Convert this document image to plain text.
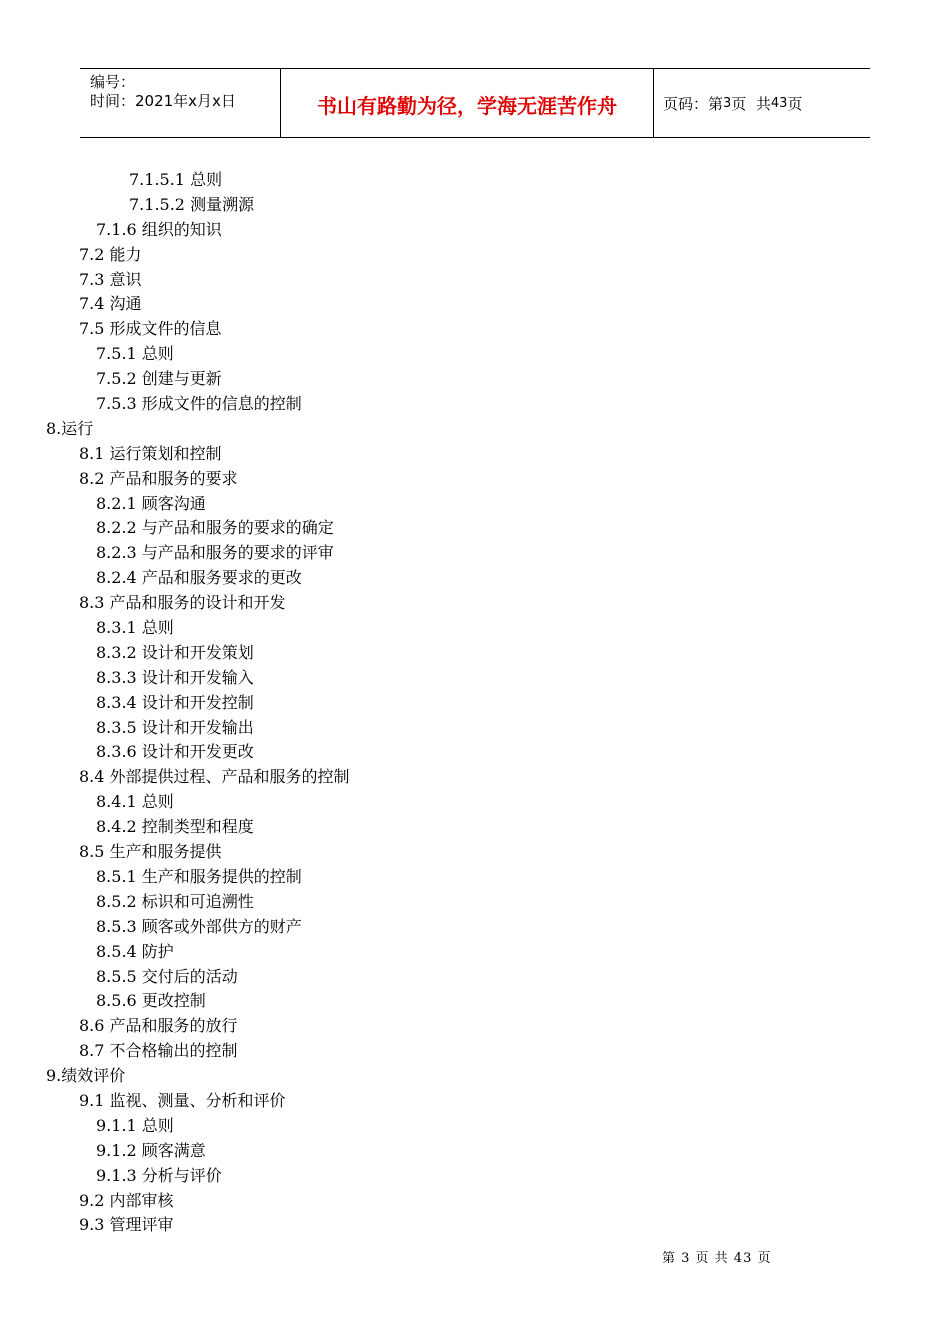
编号：
时间：2021年x月x日	书山有路勤为径，学海无涯苦作舟	页码：第 3 页  共 43 页
7.1.5.1 总则
7.1.5.2 测量溯源
7.1.6 组织的知识
7.2 能力
7.3 意识
7.4 沟通
7.5 形成文件的信息
7.5.1 总则
7.5.2 创建与更新
7.5.3 形成文件的信息的控制
8.运行
8.1 运行策划和控制
8.2 产品和服务的要求
8.2.1 顾客沟通
8.2.2 与产品和服务的要求的确定
8.2.3 与产品和服务的要求的评审
8.2.4 产品和服务要求的更改
8.3 产品和服务的设计和开发
8.3.1 总则
8.3.2 设计和开发策划
8.3.3 设计和开发输入
8.3.4 设计和开发控制
8.3.5 设计和开发输出
8.3.6 设计和开发更改
8.4 外部提供过程、产品和服务的控制
8.4.1 总则
8.4.2 控制类型和程度
8.5 生产和服务提供
8.5.1 生产和服务提供的控制
8.5.2 标识和可追溯性
8.5.3 顾客或外部供方的财产
8.5.4 防护
8.5.5 交付后的活动
8.5.6 更改控制
8.6 产品和服务的放行
8.7 不合格输出的控制
9.绩效评价
9.1 监视、测量、分析和评价
9.1.1 总则
9.1.2 顾客满意
9.1.3 分析与评价
9.2 内部审核
9.3 管理评审
第 3 页 共 43 页
